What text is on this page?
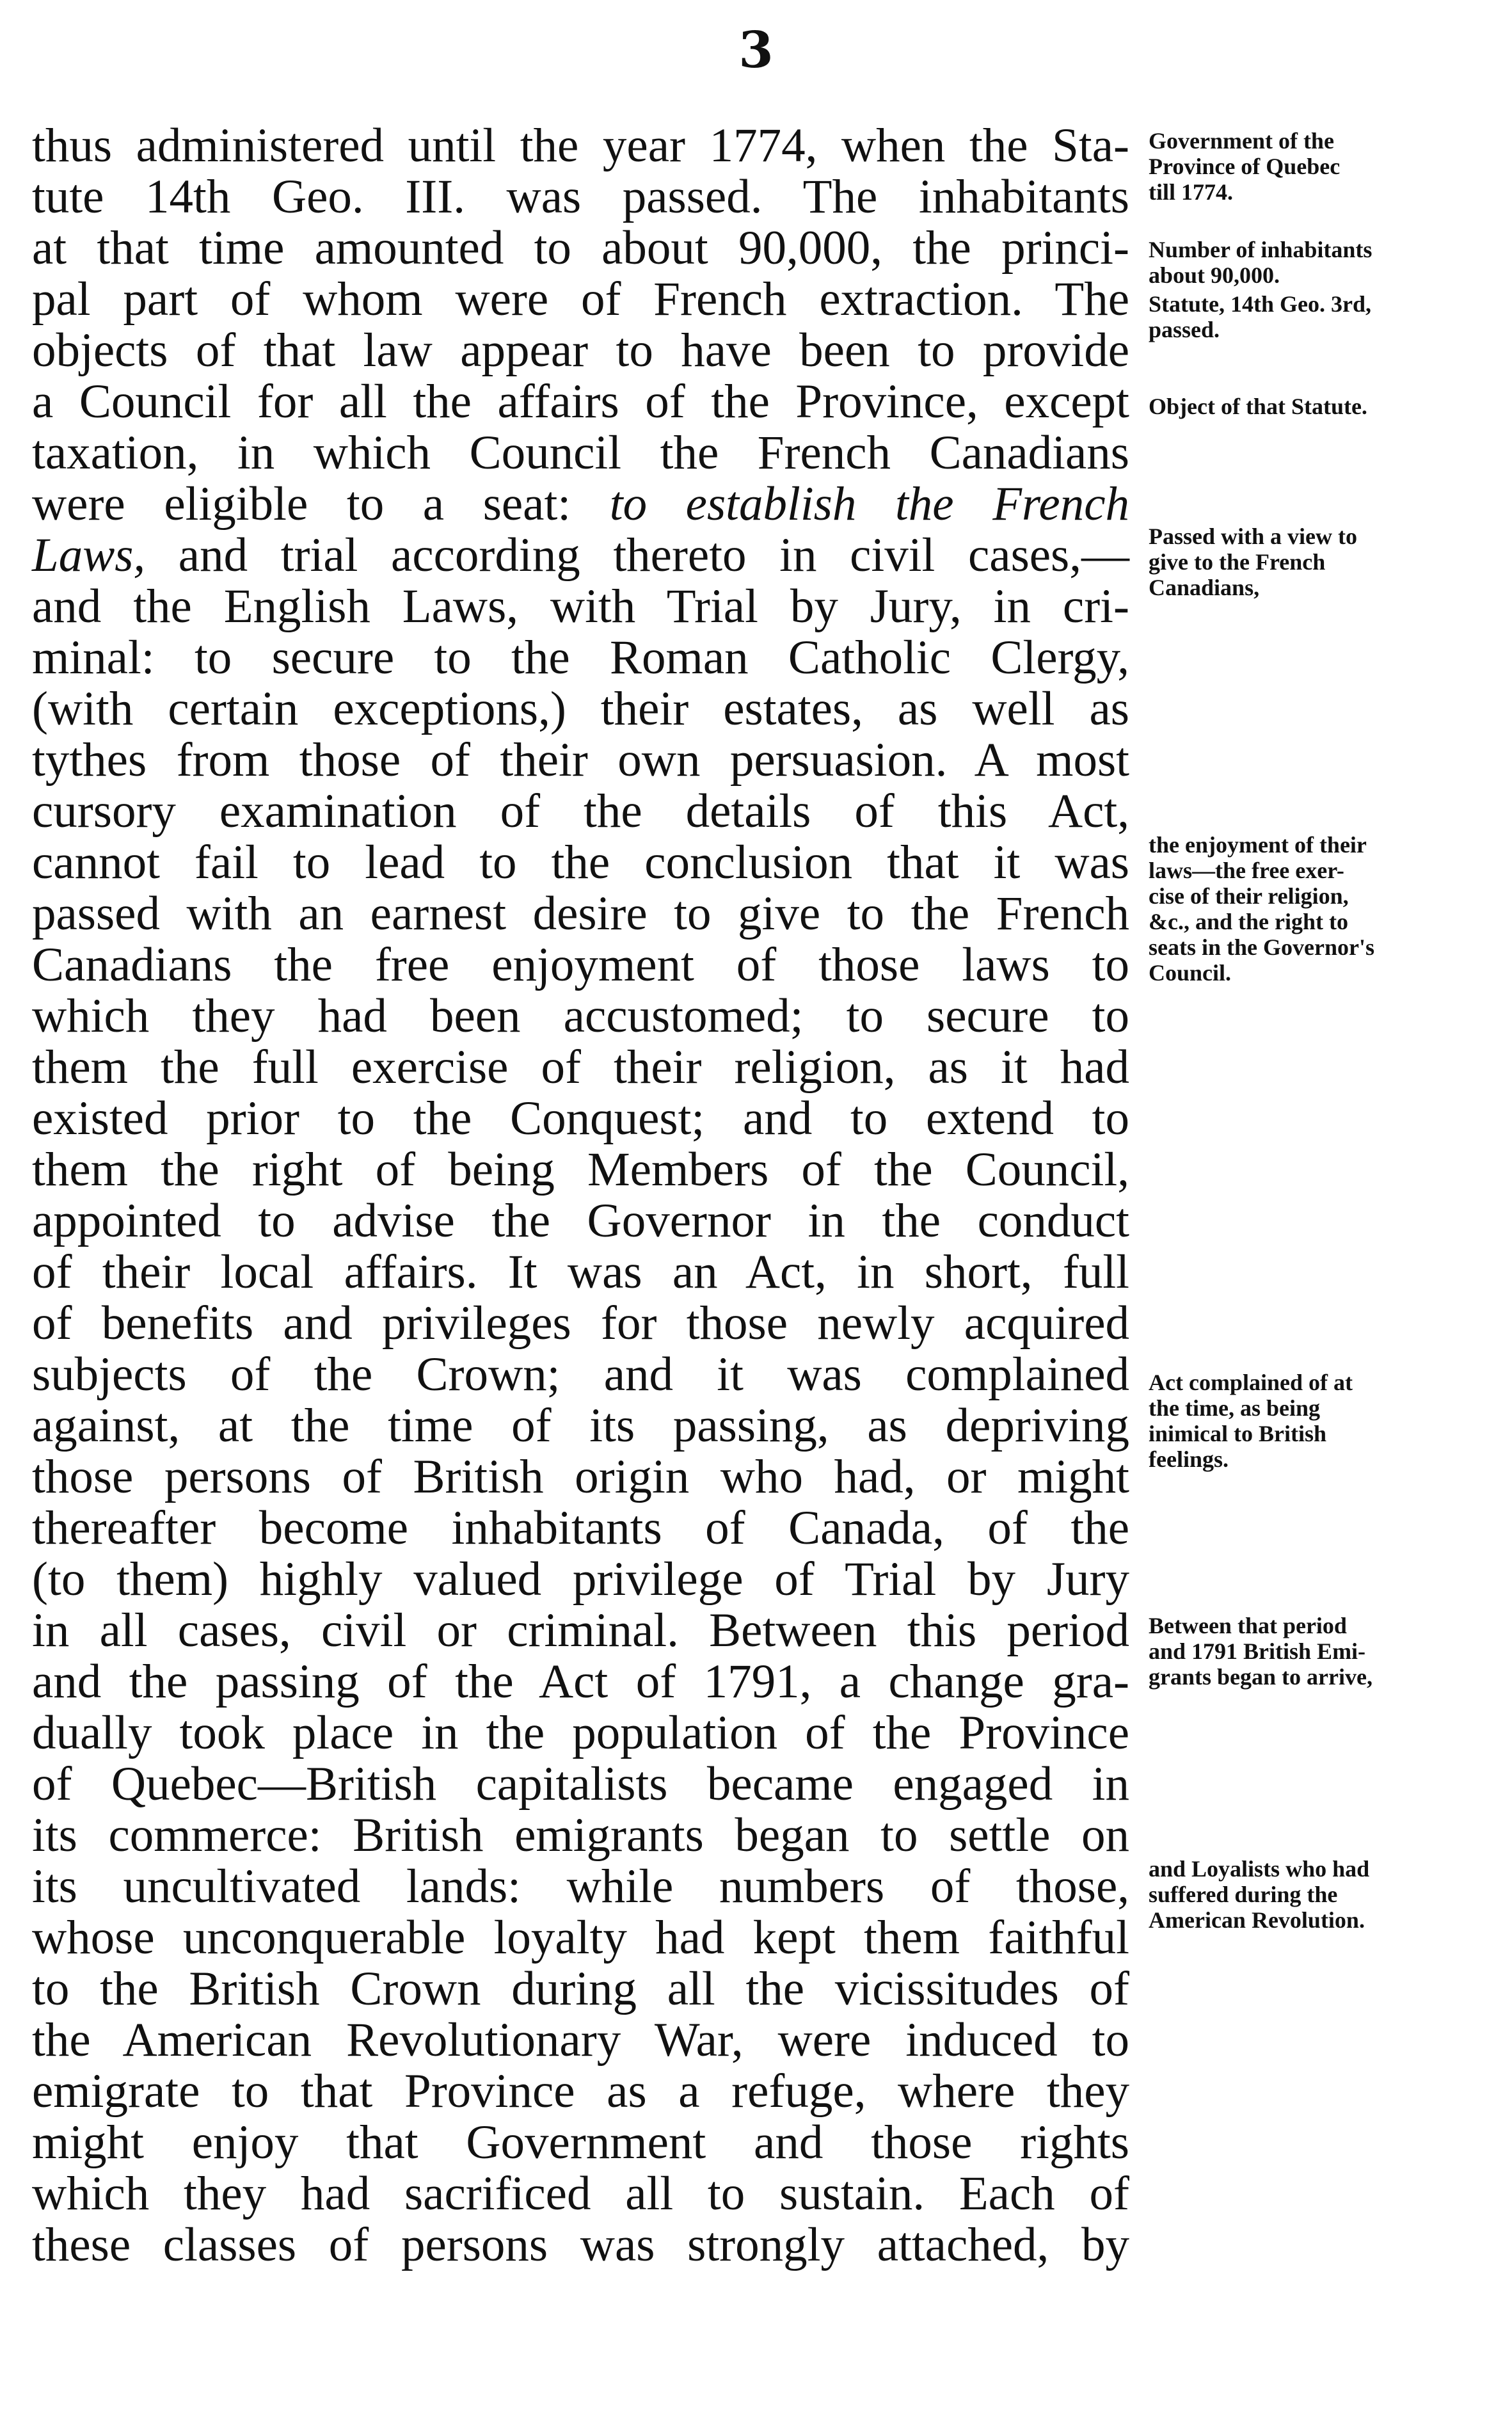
3
thus administered until the year 1774, when the Sta-
tute 14th Geo. III. was passed. The inhabitants
at that time amounted to about 90,000, the princi-
pal part of whom were of French extraction. The
objects of that law appear to have been to provide
a Council for all the affairs of the Province, except
taxation, in which Council the French Canadians
were eligible to a seat: to establish the French
Laws, and trial according thereto in civil cases,—
and the English Laws, with Trial by Jury, in cri-
minal: to secure to the Roman Catholic Clergy,
(with certain exceptions,) their estates, as well as
tythes from those of their own persuasion. A most
cursory examination of the details of this Act,
cannot fail to lead to the conclusion that it was
passed with an earnest desire to give to the French
Canadians the free enjoyment of those laws to
which they had been accustomed; to secure to
them the full exercise of their religion, as it had
existed prior to the Conquest; and to extend to
them the right of being Members of the Council,
appointed to advise the Governor in the conduct
of their local affairs. It was an Act, in short, full
of benefits and privileges for those newly acquired
subjects of the Crown; and it was complained
against, at the time of its passing, as depriving
those persons of British origin who had, or might
thereafter become inhabitants of Canada, of the
(to them) highly valued privilege of Trial by Jury
in all cases, civil or criminal. Between this period
and the passing of the Act of 1791, a change gra-
dually took place in the population of the Province
of Quebec—British capitalists became engaged in
its commerce: British emigrants began to settle on
its uncultivated lands: while numbers of those,
whose unconquerable loyalty had kept them faithful
to the British Crown during all the vicissitudes of
the American Revolutionary War, were induced to
emigrate to that Province as a refuge, where they
might enjoy that Government and those rights
which they had sacrificed all to sustain. Each of
these classes of persons was strongly attached, by
Government of the
Province of Quebec
till 1774.
Number of inhabitants
about 90,000.
Statute, 14th Geo. 3rd,
passed.
Object of that Statute.
Passed with a view to
give to the French
Canadians,
the enjoyment of their
laws—the free exer-
cise of their religion,
&c., and the right to
seats in the Governor's
Council.
Act complained of at
the time, as being
inimical to British
feelings.
Between that period
and 1791 British Emi-
grants began to arrive,
and Loyalists who had
suffered during the
American Revolution.
